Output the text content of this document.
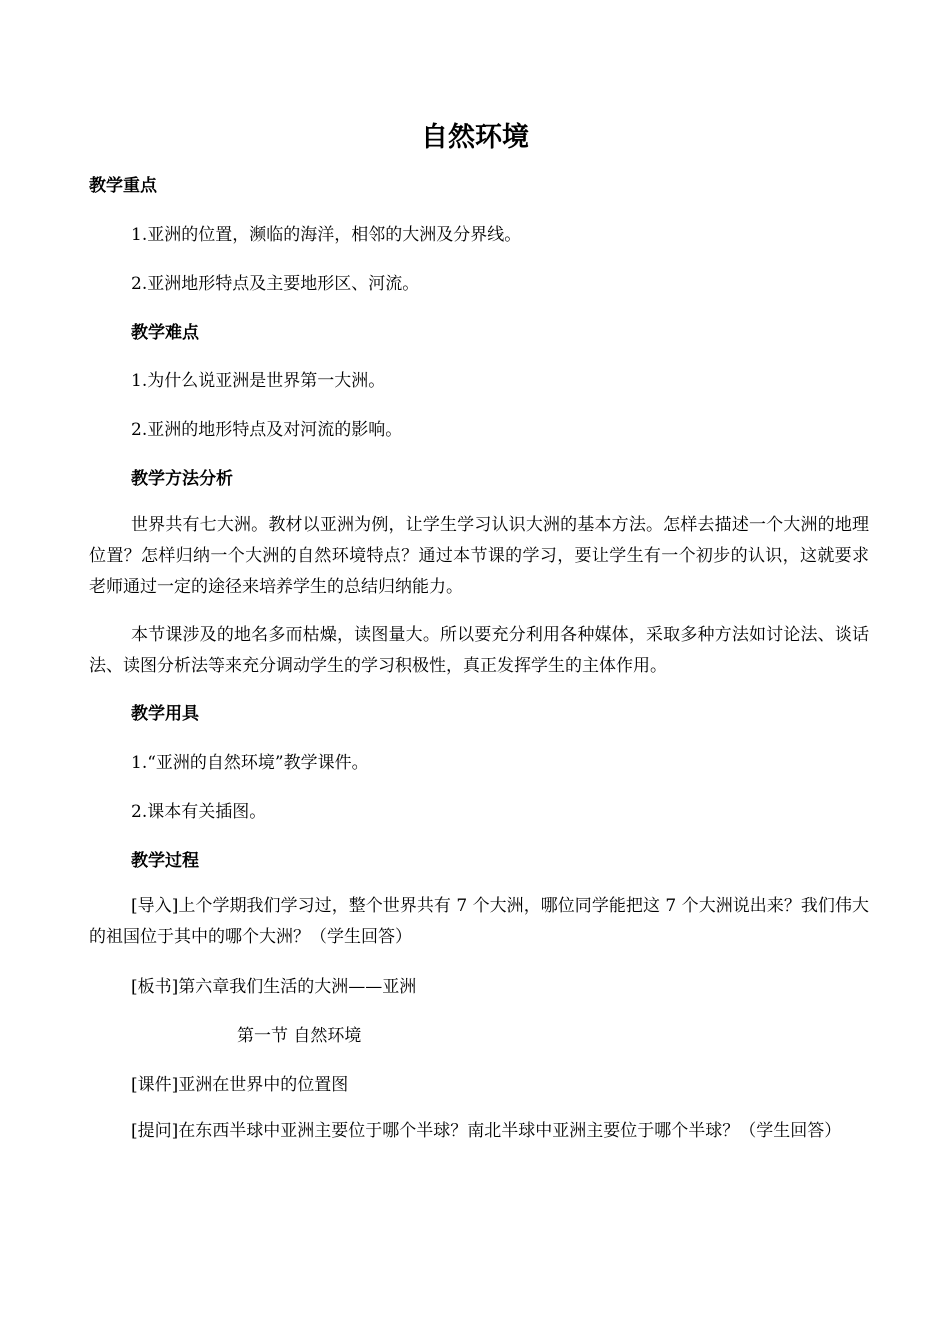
自然环境

教学重点

1.亚洲的位置，濒临的海洋，相邻的大洲及分界线。

2.亚洲地形特点及主要地形区、河流。

教学难点

1.为什么说亚洲是世界第一大洲。

2.亚洲的地形特点及对河流的影响。

教学方法分析

世界共有七大洲。教材以亚洲为例，让学生学习认识大洲的基本方法。怎样去描述一个大洲的地理位置？怎样归纳一个大洲的自然环境特点？通过本节课的学习，要让学生有一个初步的认识，这就要求老师通过一定的途径来培养学生的总结归纳能力。

本节课涉及的地名多而枯燥，读图量大。所以要充分利用各种媒体，采取多种方法如讨论法、谈话法、读图分析法等来充分调动学生的学习积极性，真正发挥学生的主体作用。

教学用具

1.“亚洲的自然环境”教学课件。

2.课本有关插图。

教学过程

[导入]上个学期我们学习过，整个世界共有 7 个大洲，哪位同学能把这 7 个大洲说出来？我们伟大的祖国位于其中的哪个大洲？（学生回答）

[板书]第六章我们生活的大洲——亚洲

第一节 自然环境

[课件]亚洲在世界中的位置图

[提问]在东西半球中亚洲主要位于哪个半球？南北半球中亚洲主要位于哪个半球？（学生回答）
